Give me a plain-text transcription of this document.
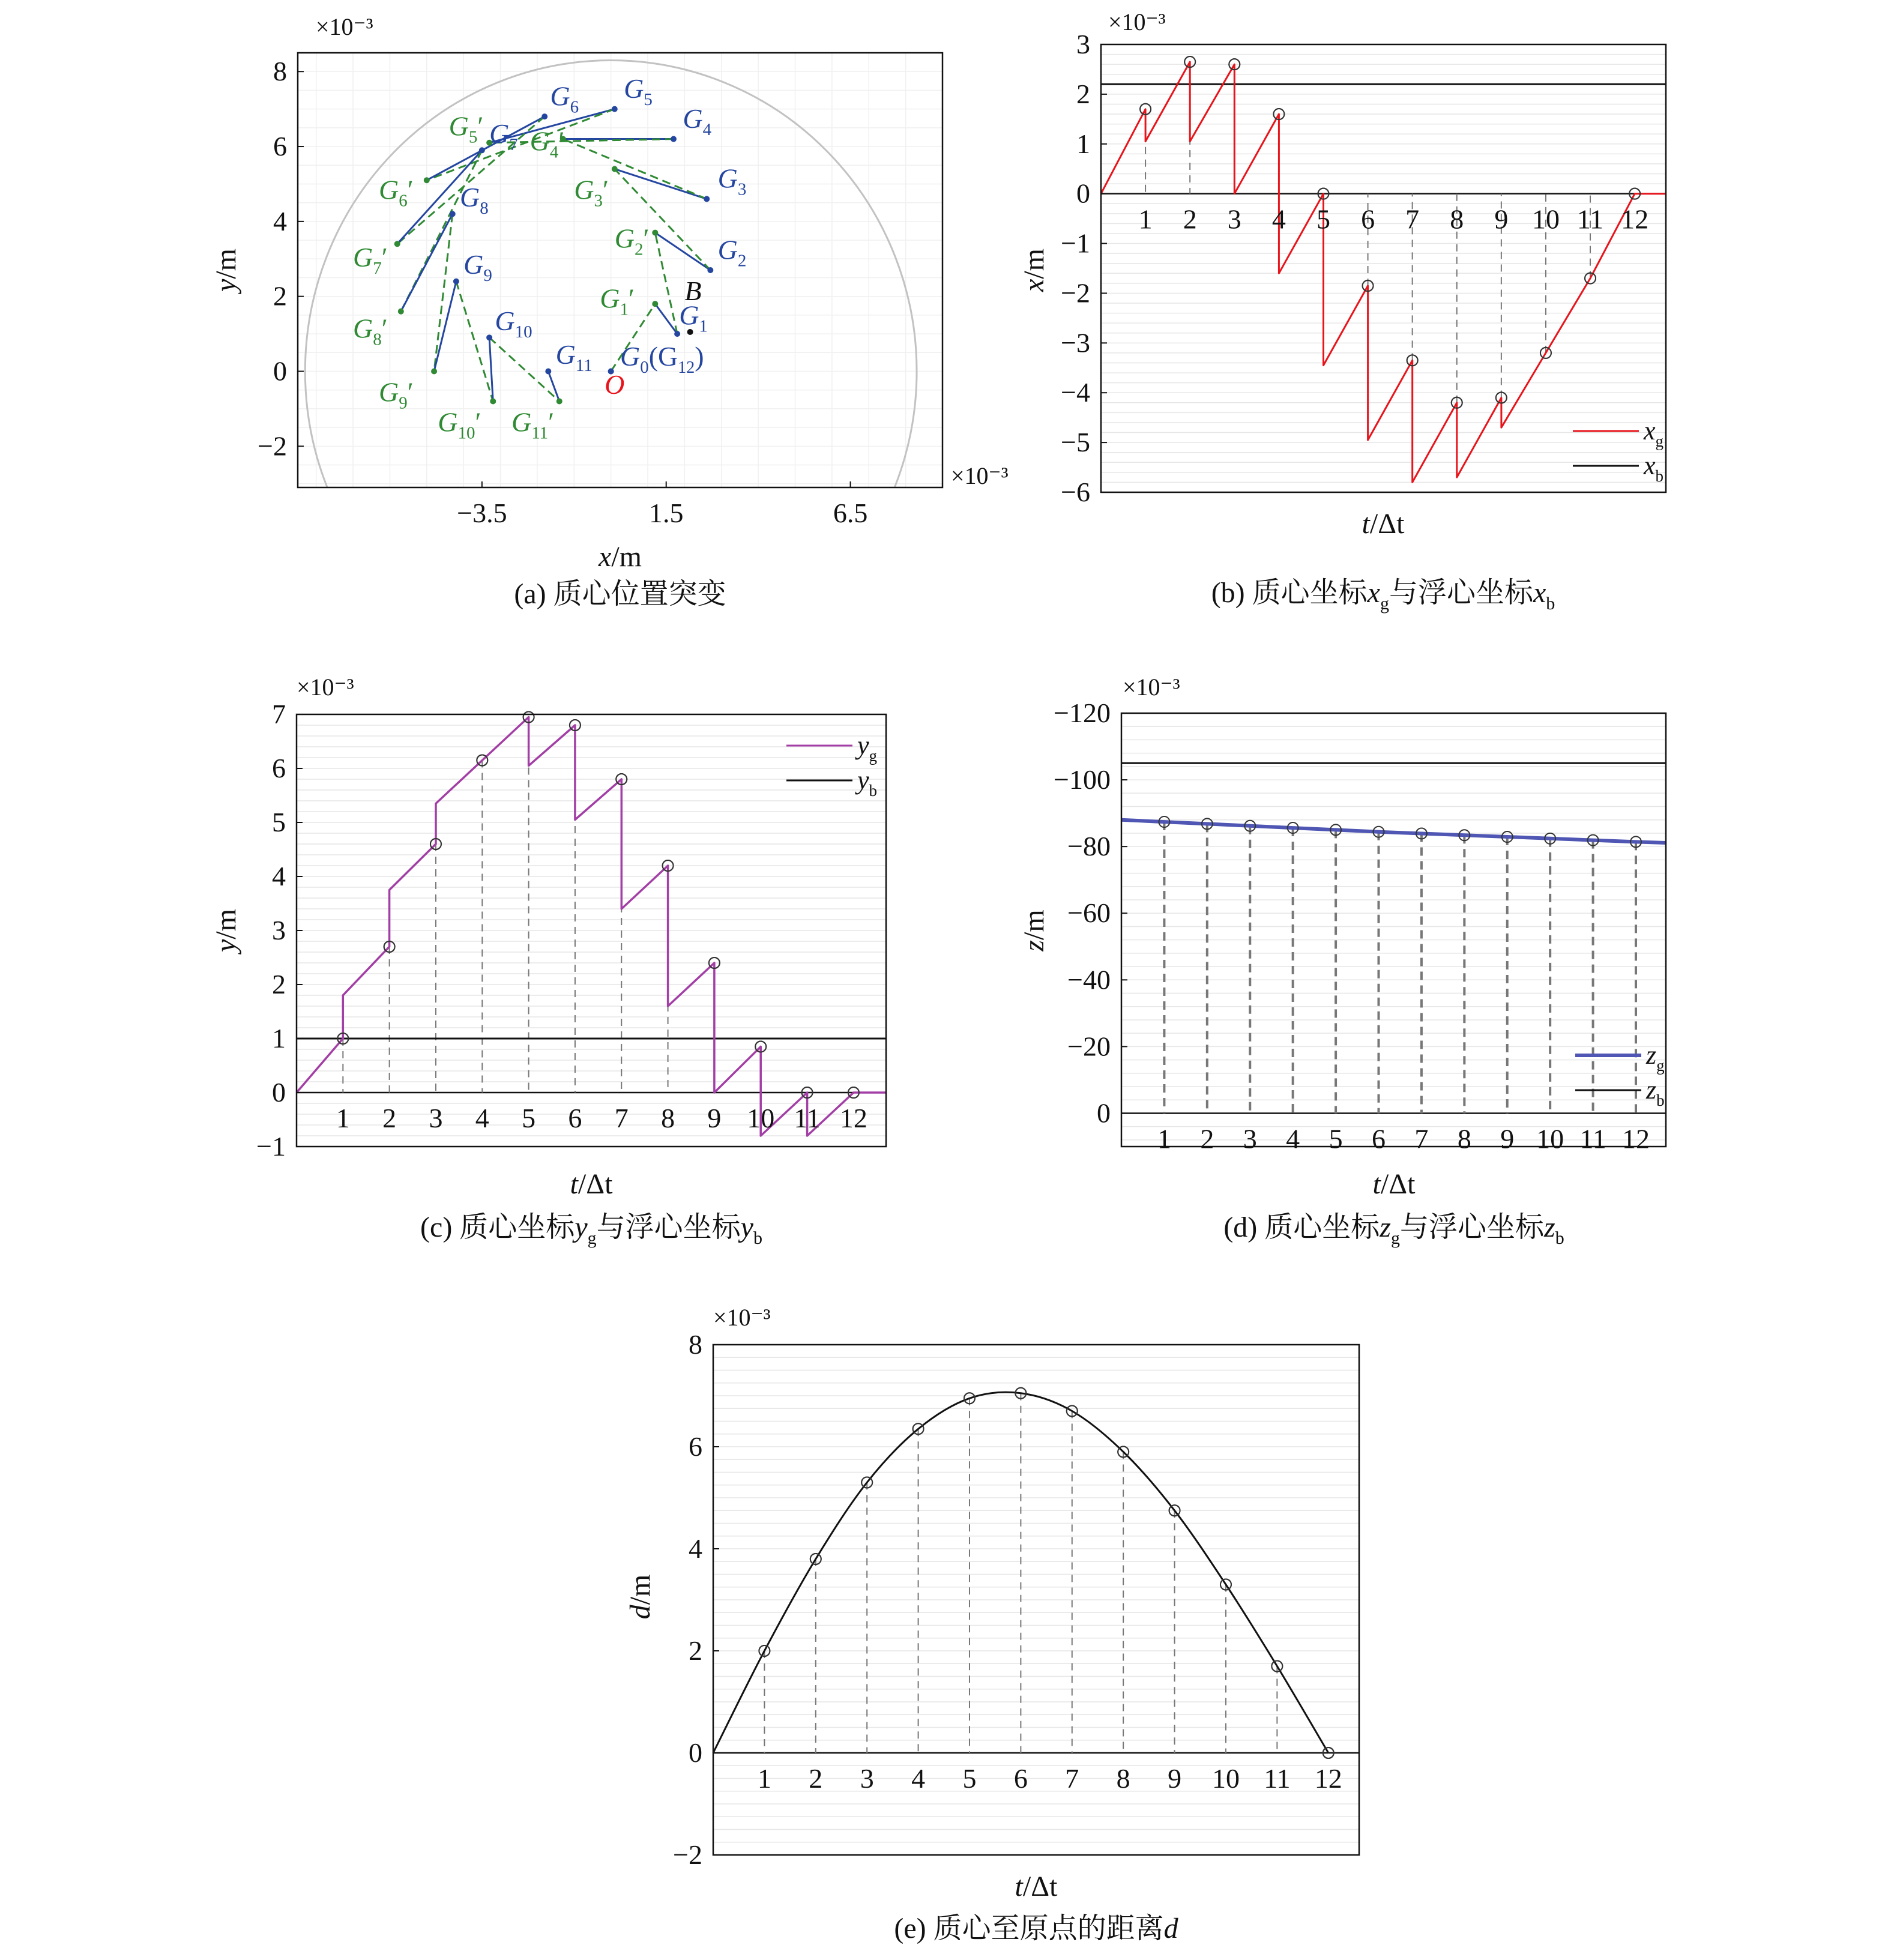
−2
0
2
4
6
8
−3.5	1.5	6.5
$G_0(G_{12})$
$G_1$
$G_2$
$G_3$
$G_4$
$G_5$
$G_6$
$G_7$
$G_8$
$G_9$
$G_{10}$
$G_{11}$
$G_1'$
$G_2'$
$G_3'$
$G_4'$
$G_5'$
$G_6'$
$G_7'$
$G_8'$
$G_9'$
$G_{10}'$ $G_{11}'$
B
O
×10⁻³
×10⁻³
x/m
y/m
(a) 质心位置突变
1 2 3 4 5 6 7 8 9 10 11 12
−6
−5
−4
−3
−2
−1
0
1
2
3
×10⁻³
$x_g$
$x_b$
t/Δt
x/m
(b) 质心坐标$x_g$与浮心坐标$x_b$
1 2 3 4 5 6 7 8 9 10 11 12
−1
0
1
2
3
4
5
6
7
×10⁻³
$y_g$
$y_b$
t/Δt
y/m
(c) 质心坐标$y_g$与浮心坐标$y_b$
1 2 3 4 5 6 7 8 9 10 11 12
−120
−100
−80
−60
−40
−20
0
×10⁻³
$z_g$
$z_b$
t/Δt
z/m
(d) 质心坐标$z_g$与浮心坐标$z_b$
1 2 3 4 5 6 7 8 9 10 11 12
−2
0
2
4
6
8
×10⁻³
t/Δt
d/m
(e) 质心至原点的距离d
